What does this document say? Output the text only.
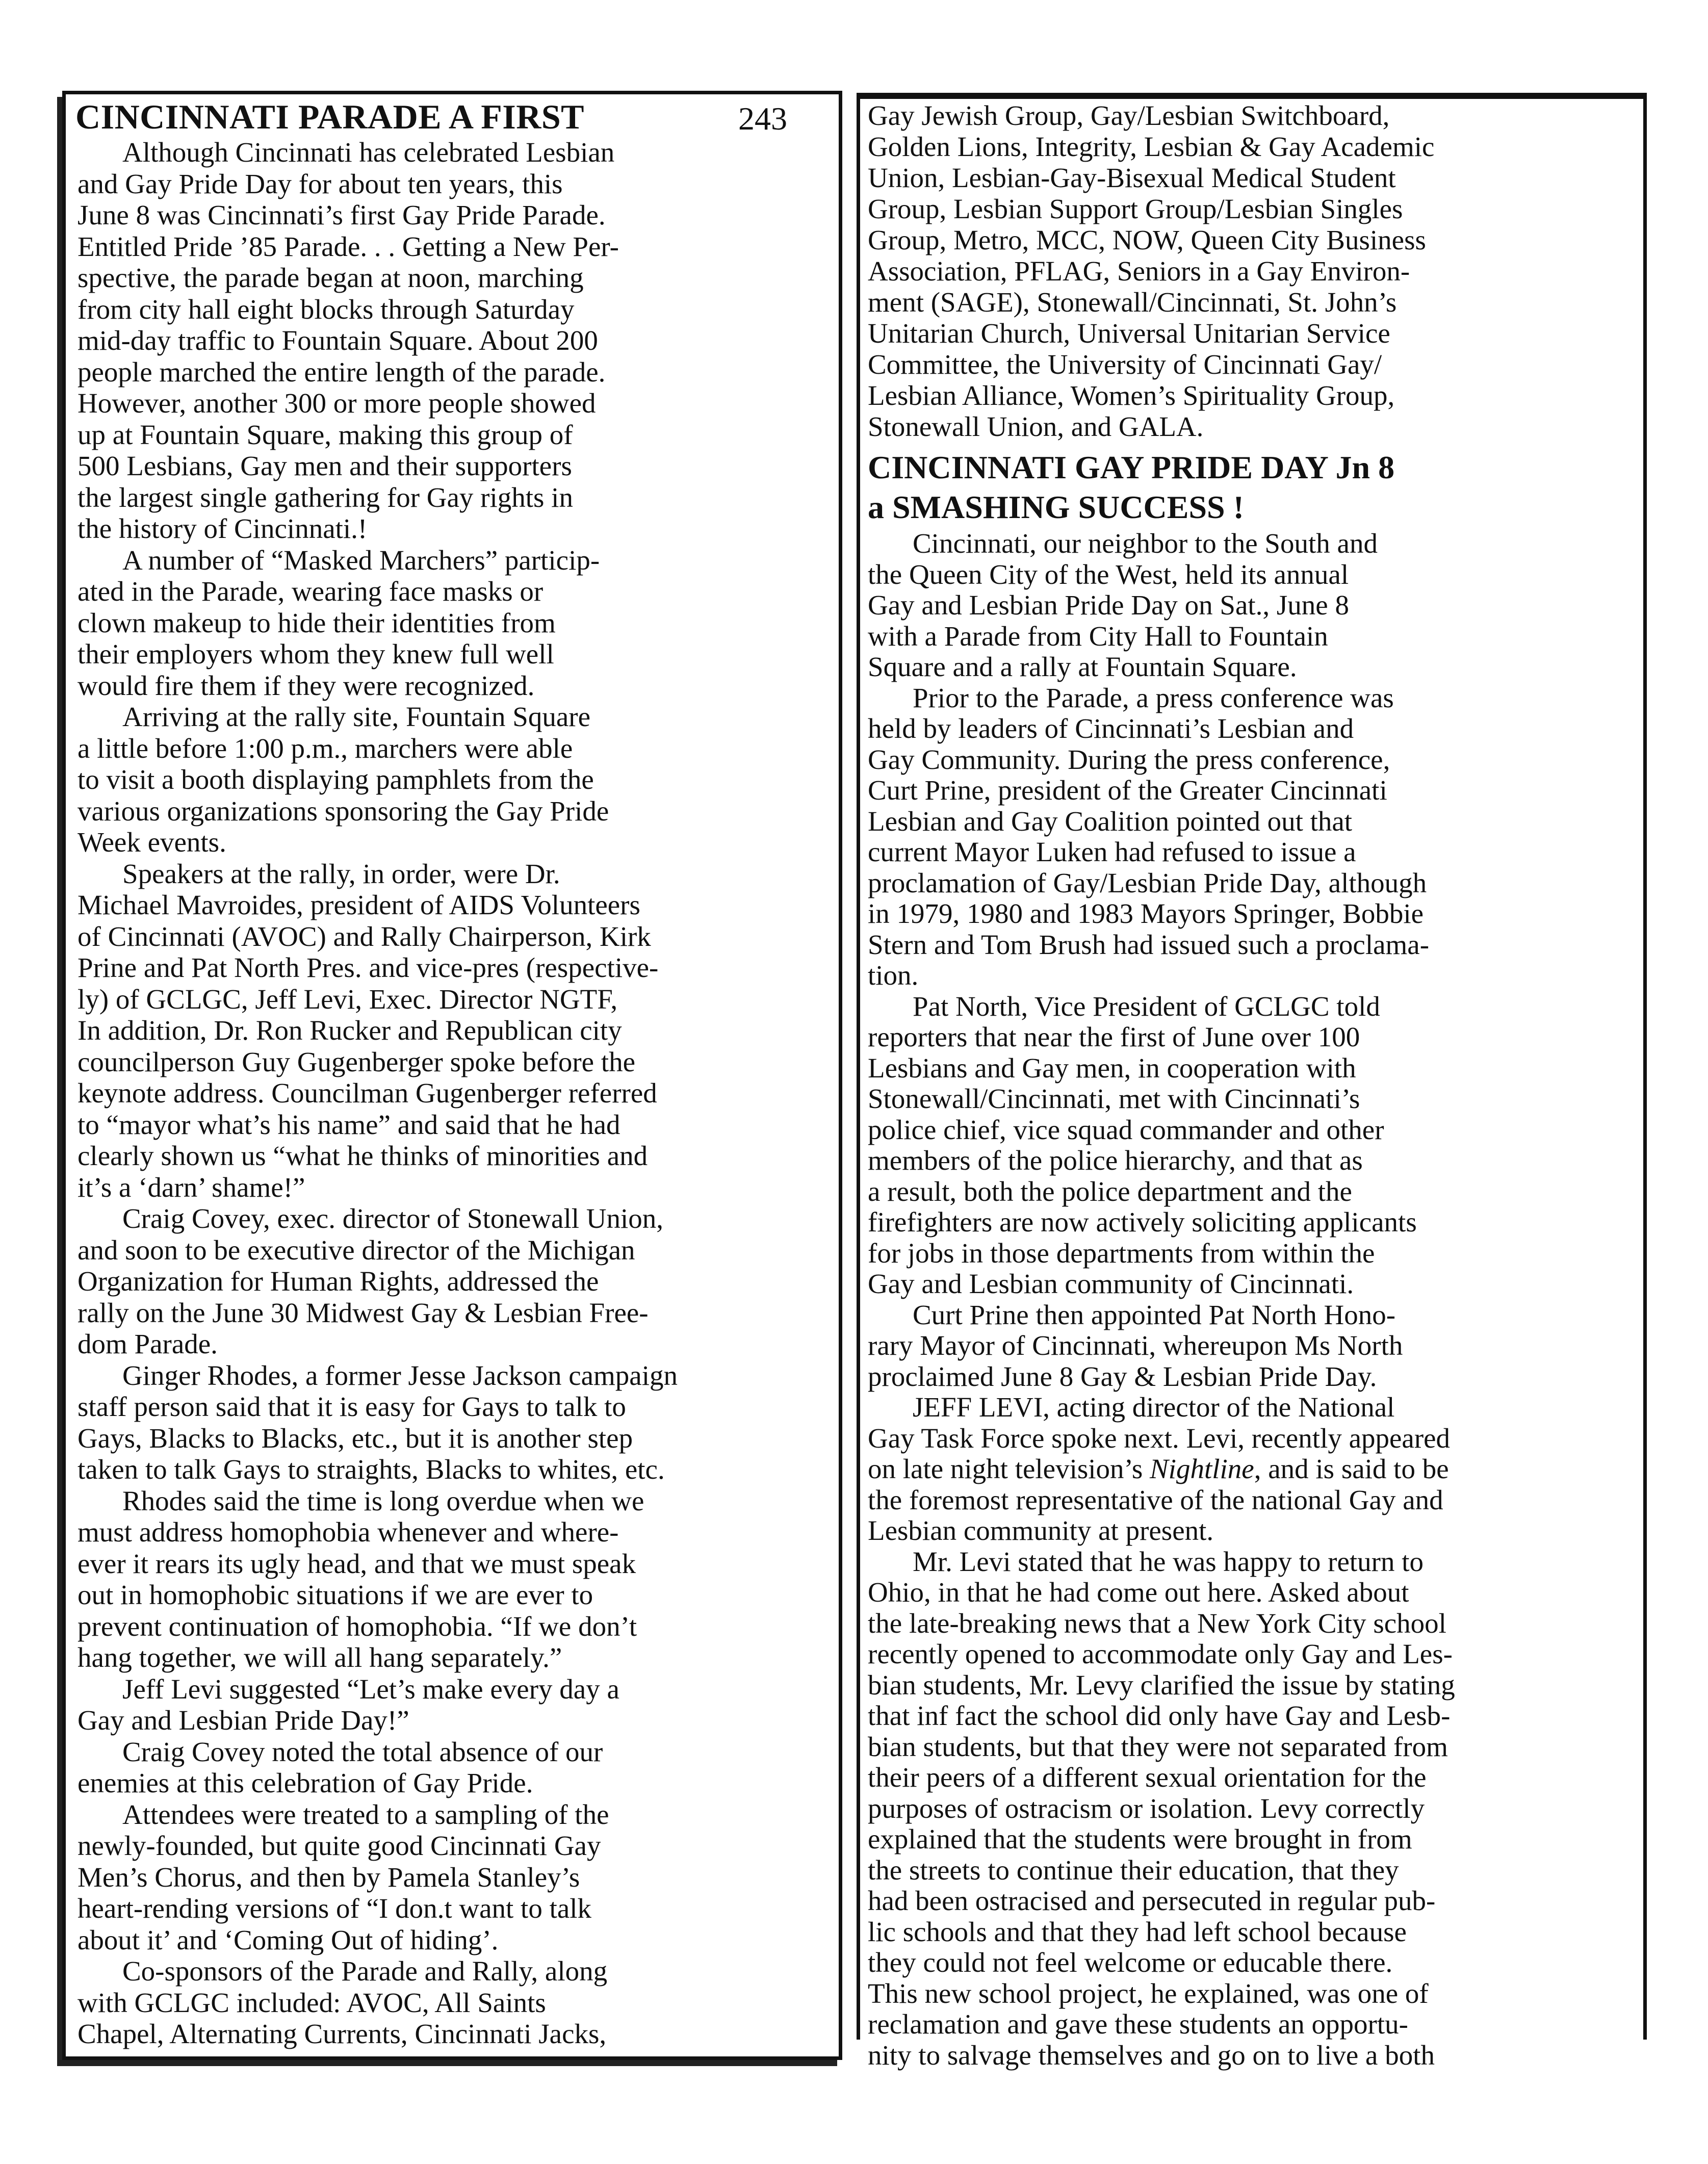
CINCINNATI PARADE A FIRST	243
Although Cincinnati has celebrated Lesbian
and Gay Pride Day for about ten years, this
June 8 was Cincinnati’s first Gay Pride Parade.
Entitled Pride ’85 Parade. . . Getting a New Per-
spective, the parade began at noon, marching
from city hall eight blocks through Saturday
mid-day traffic to Fountain Square. About 200
people marched the entire length of the parade.
However, another 300 or more people showed
up at Fountain Square, making this group of
500 Lesbians, Gay men and their supporters
the largest single gathering for Gay rights in
the history of Cincinnati.!
A number of “Masked Marchers” particip-
ated in the Parade, wearing face masks or
clown makeup to hide their identities from
their employers whom they knew full well
would fire them if they were recognized.
Arriving at the rally site, Fountain Square
a little before 1:00 p.m., marchers were able
to visit a booth displaying pamphlets from the
various organizations sponsoring the Gay Pride
Week events.
Speakers at the rally, in order, were Dr.
Michael Mavroides, president of AIDS Volunteers
of Cincinnati (AVOC) and Rally Chairperson, Kirk
Prine and Pat North Pres. and vice-pres (respective-
ly) of GCLGC, Jeff Levi, Exec. Director NGTF,
In addition, Dr. Ron Rucker and Republican city
councilperson Guy Gugenberger spoke before the
keynote address. Councilman Gugenberger referred
to “mayor what’s his name” and said that he had
clearly shown us “what he thinks of minorities and
it’s a ‘darn’ shame!”
Craig Covey, exec. director of Stonewall Union,
and soon to be executive director of the Michigan
Organization for Human Rights, addressed the
rally on the June 30 Midwest Gay & Lesbian Free-
dom Parade.
Ginger Rhodes, a former Jesse Jackson campaign
staff person said that it is easy for Gays to talk to
Gays, Blacks to Blacks, etc., but it is another step
taken to talk Gays to straights, Blacks to whites, etc.
Rhodes said the time is long overdue when we
must address homophobia whenever and where-
ever it rears its ugly head, and that we must speak
out in homophobic situations if we are ever to
prevent continuation of homophobia. “If we don’t
hang together, we will all hang separately.”
Jeff Levi suggested “Let’s make every day a
Gay and Lesbian Pride Day!”
Craig Covey noted the total absence of our
enemies at this celebration of Gay Pride.
Attendees were treated to a sampling of the
newly-founded, but quite good Cincinnati Gay
Men’s Chorus, and then by Pamela Stanley’s
heart-rending versions of “I don.t want to talk
about it’ and ‘Coming Out of hiding’.
Co-sponsors of the Parade and Rally, along
with GCLGC included: AVOC, All Saints
Chapel, Alternating Currents, Cincinnati Jacks,
Gay Jewish Group, Gay/Lesbian Switchboard,
Golden Lions, Integrity, Lesbian & Gay Academic
Union, Lesbian-Gay-Bisexual Medical Student
Group, Lesbian Support Group/Lesbian Singles
Group, Metro, MCC, NOW, Queen City Business
Association, PFLAG, Seniors in a Gay Environ-
ment (SAGE), Stonewall/Cincinnati, St. John’s
Unitarian Church, Universal Unitarian Service
Committee, the University of Cincinnati Gay/
Lesbian Alliance, Women’s Spirituality Group,
Stonewall Union, and GALA.
CINCINNATI GAY PRIDE DAY Jn 8
a SMASHING SUCCESS !
Cincinnati, our neighbor to the South and
the Queen City of the West, held its annual
Gay and Lesbian Pride Day on Sat., June 8
with a Parade from City Hall to Fountain
Square and a rally at Fountain Square.
Prior to the Parade, a press conference was
held by leaders of Cincinnati’s Lesbian and
Gay Community. During the press conference,
Curt Prine, president of the Greater Cincinnati
Lesbian and Gay Coalition pointed out that
current Mayor Luken had refused to issue a
proclamation of Gay/Lesbian Pride Day, although
in 1979, 1980 and 1983 Mayors Springer, Bobbie
Stern and Tom Brush had issued such a proclama-
tion.
Pat North, Vice President of GCLGC told
reporters that near the first of June over 100
Lesbians and Gay men, in cooperation with
Stonewall/Cincinnati, met with Cincinnati’s
police chief, vice squad commander and other
members of the police hierarchy, and that as
a result, both the police department and the
firefighters are now actively soliciting applicants
for jobs in those departments from within the
Gay and Lesbian community of Cincinnati.
Curt Prine then appointed Pat North Hono-
rary Mayor of Cincinnati, whereupon Ms North
proclaimed June 8 Gay & Lesbian Pride Day.
JEFF LEVI, acting director of the National
Gay Task Force spoke next. Levi, recently appeared
on late night television’s Nightline, and is said to be
the foremost representative of the national Gay and
Lesbian community at present.
Mr. Levi stated that he was happy to return to
Ohio, in that he had come out here. Asked about
the late-breaking news that a New York City school
recently opened to accommodate only Gay and Les-
bian students, Mr. Levy clarified the issue by stating
that inf fact the school did only have Gay and Lesb-
bian students, but that they were not separated from
their peers of a different sexual orientation for the
purposes of ostracism or isolation. Levy correctly
explained that the students were brought in from
the streets to continue their education, that they
had been ostracised and persecuted in regular pub-
lic schools and that they had left school because
they could not feel welcome or educable there.
This new school project, he explained, was one of
reclamation and gave these students an opportu-
nity to salvage themselves and go on to live a both
